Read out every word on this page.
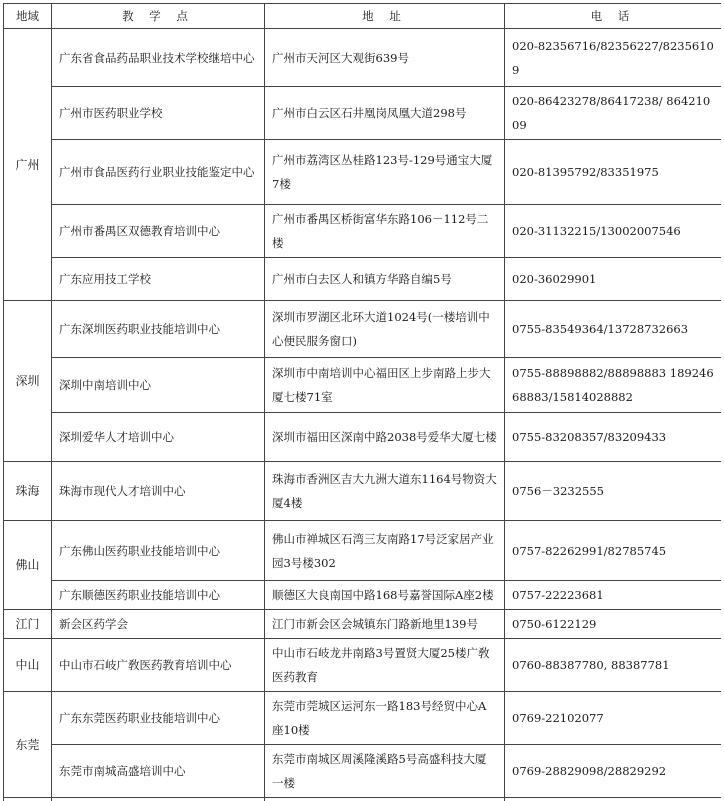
地域	教 学 点	地 址	电 话
广州	广东省食品药品职业技术学校继培中心	广州市天河区大观街639号	020-82356716/82356227/82356109
	广州市医药职业学校	广州市白云区石井凰岗凤凰大道298号	020-86423278/86417238/ 86421009
	广州市食品医药行业职业技能鉴定中心	广州市荔湾区丛桂路123号-129号通宝大厦7楼	020-81395792/83351975
	广州市番禺区双德教育培训中心	广州市番禺区桥街富华东路106－112号二楼	020-31132215/13002007546
	广东应用技工学校	广州市白去区人和镇方华路自编5号	020-36029901
深圳	广东深圳医药职业技能培训中心	深圳市罗湖区北环大道1024号(一楼培训中心便民服务窗口)	0755-83549364/13728732663
	深圳中南培训中心	深圳市中南培训中心福田区上步南路上步大厦七楼71室	0755-88898882/88898883 18924668883/15814028882
	深圳爱华人才培训中心	深圳市福田区深南中路2038号爱华大厦七楼	0755-83208357/83209433
珠海	珠海市现代人才培训中心	珠海市香洲区吉大九洲大道东1164号物资大厦4楼	0756－3232555
佛山	广东佛山医药职业技能培训中心	佛山市禅城区石湾三友南路17号泛家居产业园3号楼302	0757-82262991/82785745
	广东顺德医药职业技能培训中心	顺德区大良南国中路168号嘉誉国际A座2楼	0757-22223681
江门	新会区药学会	江门市新会区会城镇东门路新地里139号	0750-6122129
中山	中山市石岐广敎医药教育培训中心	中山市石岐龙井南路3号置贤大厦25楼广敎医药教育	0760-88387780, 88387781
东莞	广东东莞医药职业技能培训中心	东莞市莞城区运河东一路183号经贸中心A座10楼	0769-22102077
	东莞市南城高盛培训中心	东莞市南城区周溪隆溪路5号高盛科技大厦一楼	0769-28829098/28829292
